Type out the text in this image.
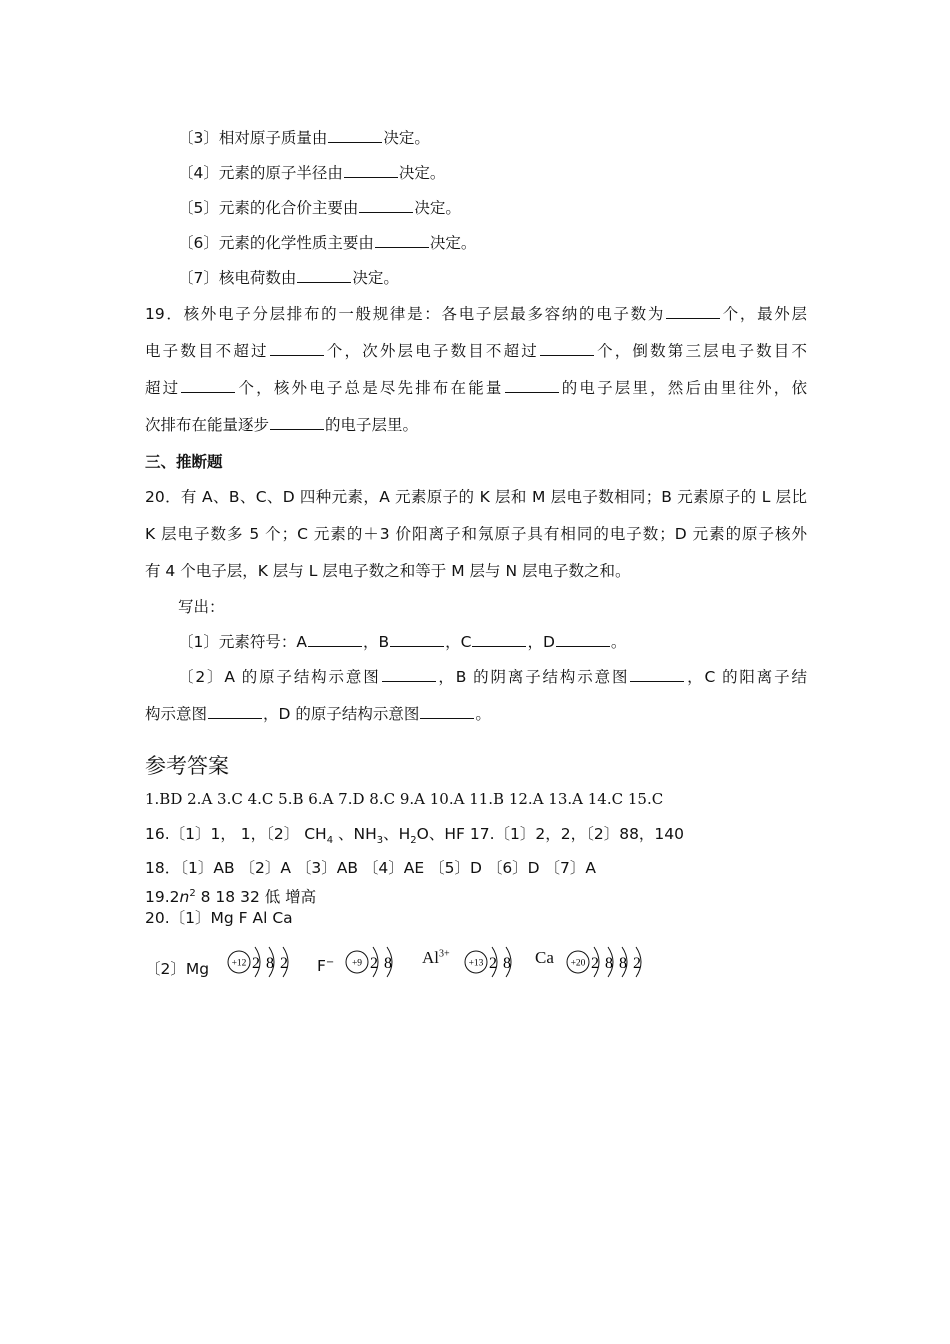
〔3〕相对原子质量由	决定。
〔4〕元素的原子半径由	决定。
〔5〕元素的化合价主要由	决定。
〔6〕元素的化学性质主要由	决定。
〔7〕核电荷数由	决定。
19．核外电子分层排布的一般规律是：各电子层最多容纳的电子数为	个，最外层
电子数目不超过	个，次外层电子数目不超过	个，倒数第三层电子数目不
超过	个，核外电子总是尽先排布在能量	的电子层里，然后由里往外，依
次排布在能量逐步	的电子层里。
三、推断题
20．有 A、B、C、D 四种元素，A 元素原子的 K 层和 M 层电子数相同；B 元素原子的 L 层比
K 层电子数多 5 个；C 元素的＋3 价阳离子和氖原子具有相同的电子数；D 元素的原子核外
有 4 个电子层，K 层与 L 层电子数之和等于 M 层与 N 层电子数之和。
写出：
〔1〕元素符号：A	，B	，C	，D	。
〔2〕A 的原子结构示意图	，B 的阴离子结构示意图	，C 的阳离子结
构示意图	，D 的原子结构示意图	。
参考答案
1.BD 2.A 3.C 4.C 5.B 6.A 7.D 8.C 9.A 10.A 11.B 12.A 13.A 14.C 15.C
16.〔1〕1， 1，〔2〕 $CH_4$ 、$NH_3$、$H_2O$、HF 17.〔1〕2，2，〔2〕88，140
18．〔1〕AB 〔2〕A 〔3〕AB 〔4〕AE 〔5〕D 〔6〕D 〔7〕A
$19.2n^2$ 8 18 32 低 增高
20.〔1〕Mg F Al Ca
〔2〕Mg	F−	$Al^{3+}$	Ca
+12 2 8 2	+9 2 8	+13 2 8	+20 2 8 8 2
